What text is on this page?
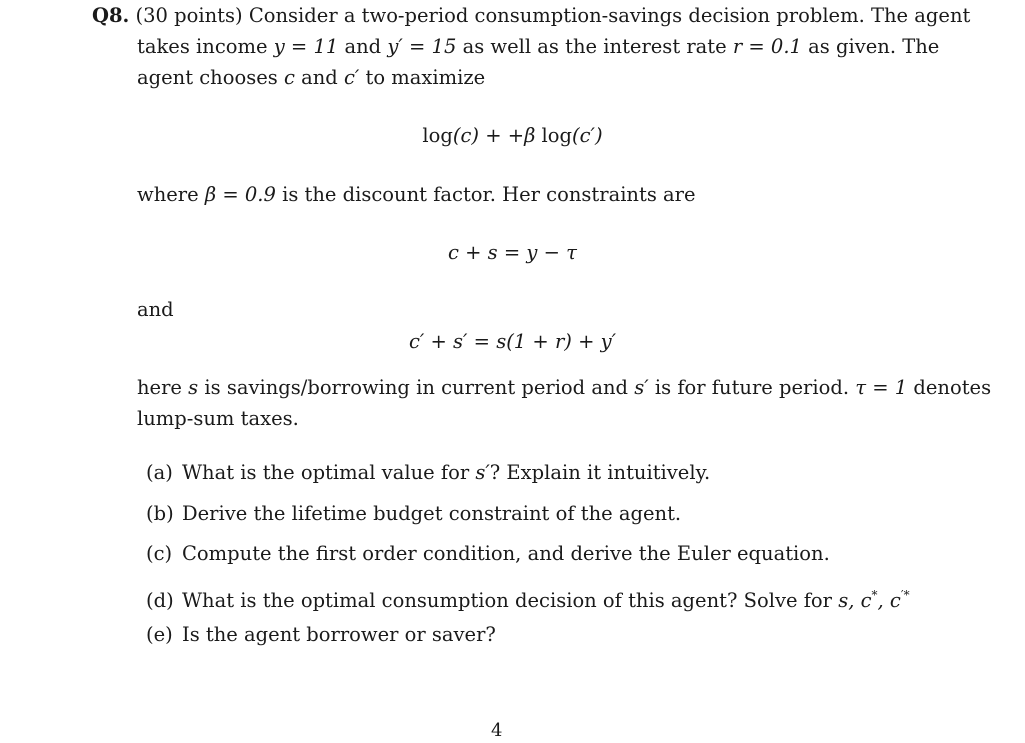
Q8. (30 points) Consider a two-period consumption-savings decision problem. The agent
takes income y = 11 and y′ = 15 as well as the interest rate r = 0.1 as given. The
agent chooses c and c′ to maximize
log(c) + +β log(c′)
where β = 0.9 is the discount factor. Her constraints are
c + s = y − τ
and
c′ + s′ = s(1 + r) + y′
here s is savings/borrowing in current period and s′ is for future period. τ = 1 denotes
lump-sum taxes.
(a) What is the optimal value for s′? Explain it intuitively.
(b) Derive the lifetime budget constraint of the agent.
(c) Compute the first order condition, and derive the Euler equation.
(d) What is the optimal consumption decision of this agent? Solve for s, c*, c′*
(e) Is the agent borrower or saver?
4
